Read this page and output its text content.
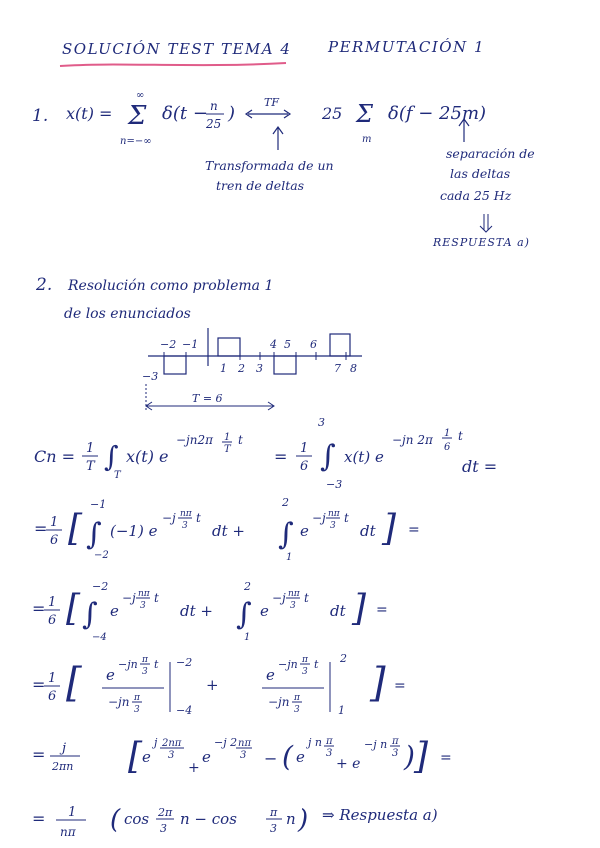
SOLUCIÓN TEST TEMA 4 PERMUTACIÓN 1
1. x(t) =
∞
Σ
n=−∞
δ(t − n
25 )
TF
25 Σ
m
δ(f − 25m)
Transformada de un
tren de deltas
separación de
las deltas
cada 25 Hz
RESPUESTA a)
2. Resolución como problema 1
de los enunciados
−2 −1	4 5 6
−3
1 2 3	7 8
T = 6
Cn = 1
T ∫
T
x(t) e
−jn2π 1
T
t
= 1
6
3
∫
−3
x(t) e
−jn 2π 1
6
t
dt =
= 1
6 [
−1
∫
−2
(−1) e
−j nπ
3
t
dt +
2
∫
1
e
−j nπ
3
t
dt ] =
= 1
6 [
−2
∫
−4
e
−j nπ
3
t
dt +
2
∫
1
e
−j nπ
3
t
dt ] =
= 1
6 [ e
−jn π
3
t
−jn π
3
−2
−4
+
e
−jn π
3
t
−jn π
3
2
1
] =
= j
2πn [ e
j 2nπ
3
+
e
−j 2 nπ
3 − ( e
j n π
3
+ e
−j n π
3 ) ] =
= 1
nπ ( cos 2π
3
n − cos	π
3
n ) ⇒ Respuesta a)
